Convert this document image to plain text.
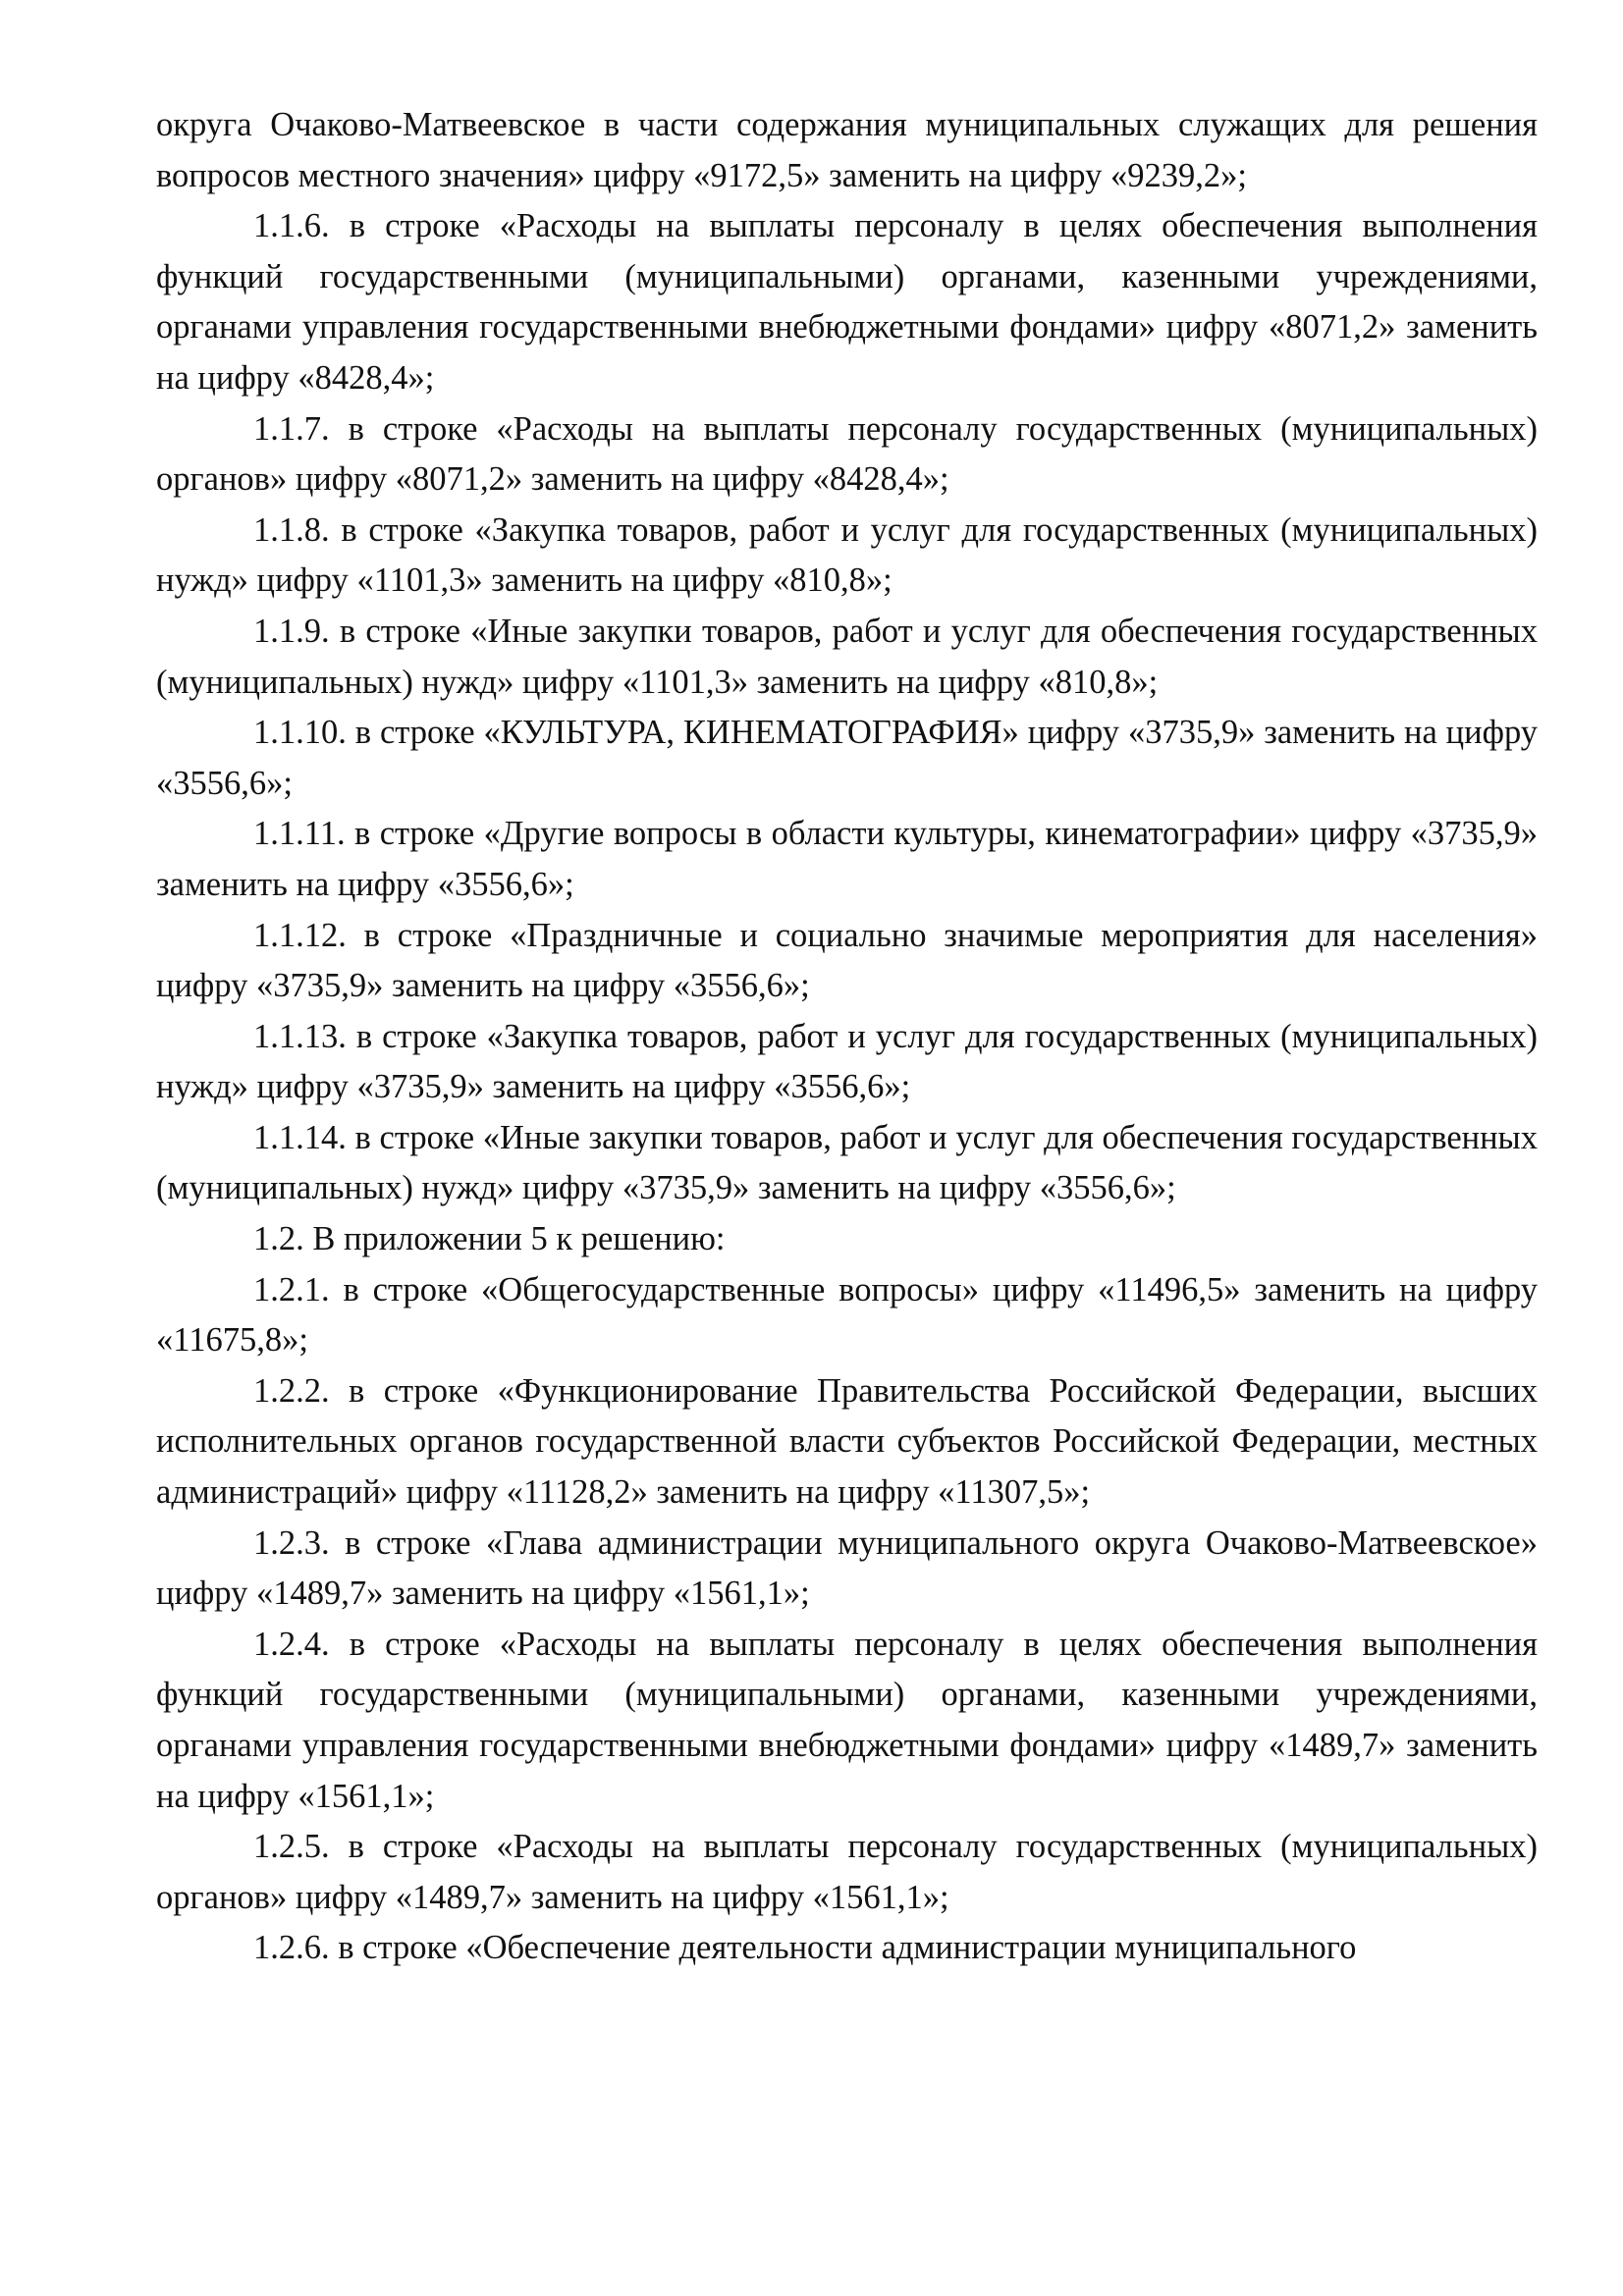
округа Очаково-Матвеевское в части содержания муниципальных служащих для решения вопросов местного значения» цифру «9172,5» заменить на цифру «9239,2»;

1.1.6. в строке «Расходы на выплаты персоналу в целях обеспечения выполнения функций государственными (муниципальными) органами, казенными учреждениями, органами управления государственными внебюджетными фондами» цифру «8071,2» заменить на цифру «8428,4»;

1.1.7. в строке «Расходы на выплаты персоналу государственных (муниципальных) органов» цифру «8071,2» заменить на цифру «8428,4»;

1.1.8. в строке «Закупка товаров, работ и услуг для государственных (муниципальных) нужд» цифру «1101,3» заменить на цифру «810,8»;

1.1.9. в строке «Иные закупки товаров, работ и услуг для обеспечения государственных (муниципальных) нужд» цифру «1101,3» заменить на цифру «810,8»;

1.1.10. в строке «КУЛЬТУРА, КИНЕМАТОГРАФИЯ» цифру «3735,9» заменить на цифру «3556,6»;

1.1.11. в строке «Другие вопросы в области культуры, кинематографии» цифру «3735,9» заменить на цифру «3556,6»;

1.1.12. в строке «Праздничные и социально значимые мероприятия для населения» цифру «3735,9» заменить на цифру «3556,6»;

1.1.13. в строке «Закупка товаров, работ и услуг для государственных (муниципальных) нужд» цифру «3735,9» заменить на цифру «3556,6»;

1.1.14. в строке «Иные закупки товаров, работ и услуг для обеспечения государственных (муниципальных) нужд» цифру «3735,9» заменить на цифру «3556,6»;

1.2. В приложении 5 к решению:

1.2.1. в строке «Общегосударственные вопросы» цифру «11496,5» заменить на цифру «11675,8»;

1.2.2. в строке «Функционирование Правительства Российской Федерации, высших исполнительных органов государственной власти субъектов Российской Федерации, местных администраций» цифру «11128,2» заменить на цифру «11307,5»;

1.2.3. в строке «Глава администрации муниципального округа Очаково-Матвеевское» цифру «1489,7» заменить на цифру «1561,1»;

1.2.4. в строке «Расходы на выплаты персоналу в целях обеспечения выполнения функций государственными (муниципальными) органами, казенными учреждениями, органами управления государственными внебюджетными фондами» цифру «1489,7» заменить на цифру «1561,1»;

1.2.5. в строке «Расходы на выплаты персоналу государственных (муниципальных) органов» цифру «1489,7» заменить на цифру «1561,1»;

1.2.6. в строке «Обеспечение деятельности администрации муниципального
